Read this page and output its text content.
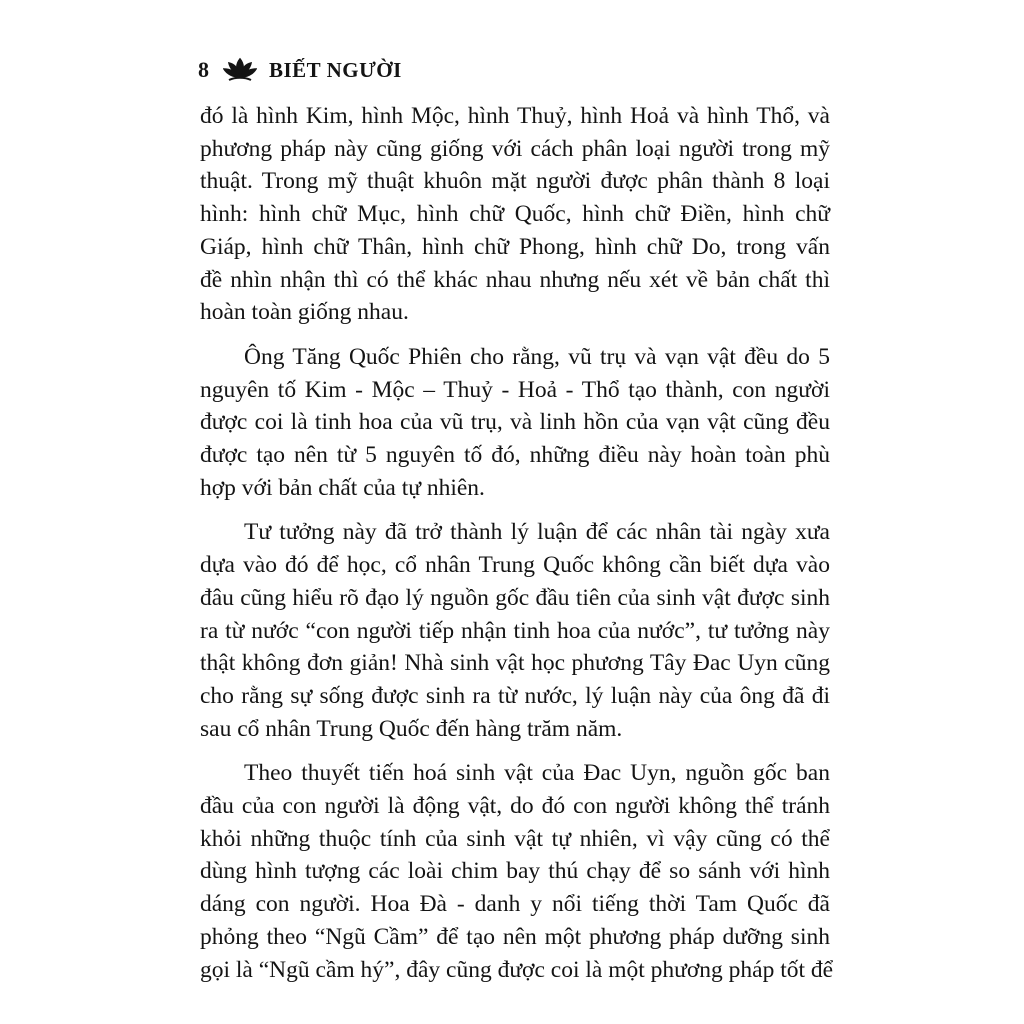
8	BIẾT NGƯỜI
đó là hình Kim, hình Mộc, hình Thuỷ, hình Hoả và hình Thổ, và
phương pháp này cũng giống với cách phân loại người trong mỹ
thuật. Trong mỹ thuật khuôn mặt người được phân thành 8 loại
hình: hình chữ Mục, hình chữ Quốc, hình chữ Điền, hình chữ
Giáp, hình chữ Thân, hình chữ Phong, hình chữ Do, trong vấn
đề nhìn nhận thì có thể khác nhau nhưng nếu xét về bản chất thì
hoàn toàn giống nhau.
Ông Tăng Quốc Phiên cho rằng, vũ trụ và vạn vật đều do 5
nguyên tố Kim - Mộc – Thuỷ - Hoả - Thổ tạo thành, con người
được coi là tinh hoa của vũ trụ, và linh hồn của vạn vật cũng đều
được tạo nên từ 5 nguyên tố đó, những điều này hoàn toàn phù
hợp với bản chất của tự nhiên.
Tư tưởng này đã trở thành lý luận để các nhân tài ngày xưa
dựa vào đó để học, cổ nhân Trung Quốc không cần biết dựa vào
đâu cũng hiểu rõ đạo lý nguồn gốc đầu tiên của sinh vật được sinh
ra từ nước “con người tiếp nhận tinh hoa của nước”, tư tưởng này
thật không đơn giản! Nhà sinh vật học phương Tây Đac Uyn cũng
cho rằng sự sống được sinh ra từ nước, lý luận này của ông đã đi
sau cổ nhân Trung Quốc đến hàng trăm năm.
Theo thuyết tiến hoá sinh vật của Đac Uyn, nguồn gốc ban
đầu của con người là động vật, do đó con người không thể tránh
khỏi những thuộc tính của sinh vật tự nhiên, vì vậy cũng có thể
dùng hình tượng các loài chim bay thú chạy để so sánh với hình
dáng con người. Hoa Đà - danh y nổi tiếng thời Tam Quốc đã
phỏng theo “Ngũ Cầm” để tạo nên một phương pháp dưỡng sinh
gọi là “Ngũ cầm hý”, đây cũng được coi là một phương pháp tốt để
